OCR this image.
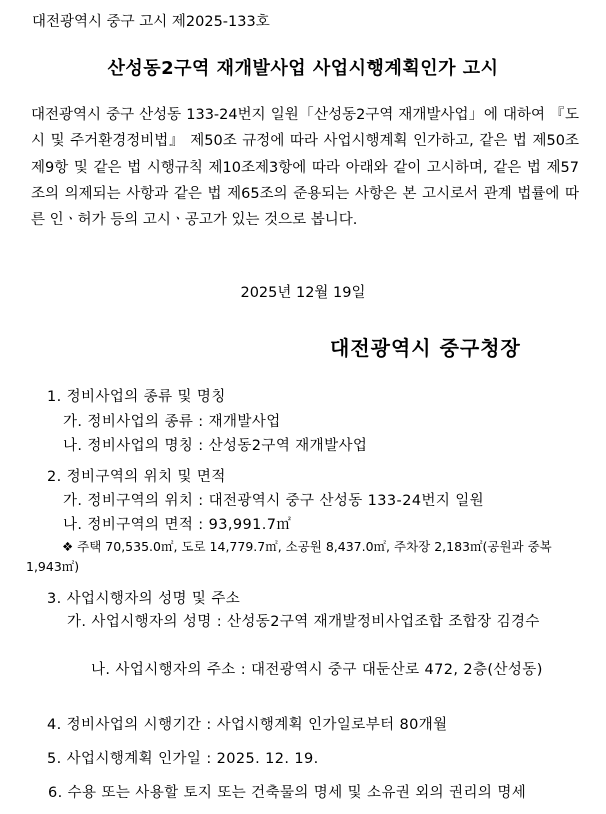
대전광역시 중구 고시 제2025-133호
산성동2구역 재개발사업 사업시행계획인가 고시
대전광역시 중구 산성동 133-24번지 일원「산성동2구역 재개발사업」에 대하여 『도시 및 주거환경정비법』 제50조 규정에 따라 사업시행계획 인가하고, 같은 법 제50조제9항 및 같은 법 시행규칙 제10조제3항에 따라 아래와 같이 고시하며, 같은 법 제57조의 의제되는 사항과 같은 법 제65조의 준용되는 사항은 본 고시로서 관계 법률에 따른 인ㆍ허가 등의 고시ㆍ공고가 있는 것으로 봅니다.
2025년 12월 19일
대전광역시 중구청장
1. 정비사업의 종류 및 명칭
가. 정비사업의 종류 : 재개발사업
나. 정비사업의 명칭 : 산성동2구역 재개발사업
2. 정비구역의 위치 및 면적
가. 정비구역의 위치 : 대전광역시 중구 산성동 133-24번지 일원
나. 정비구역의 면적 : 93,991.7㎡
❖ 주택 70,535.0㎡, 도로 14,779.7㎡, 소공원 8,437.0㎡, 주차장 2,183㎡(공원과 중복 1,943㎡)
3. 사업시행자의 성명 및 주소
가. 사업시행자의 성명 : 산성동2구역 재개발정비사업조합 조합장 김경수
나. 사업시행자의 주소 : 대전광역시 중구 대둔산로 472, 2층(산성동)
4. 정비사업의 시행기간 : 사업시행계획 인가일로부터 80개월
5. 사업시행계획 인가일 : 2025. 12. 19.
6. 수용 또는 사용할 토지 또는 건축물의 명세 및 소유권 외의 권리의 명세
